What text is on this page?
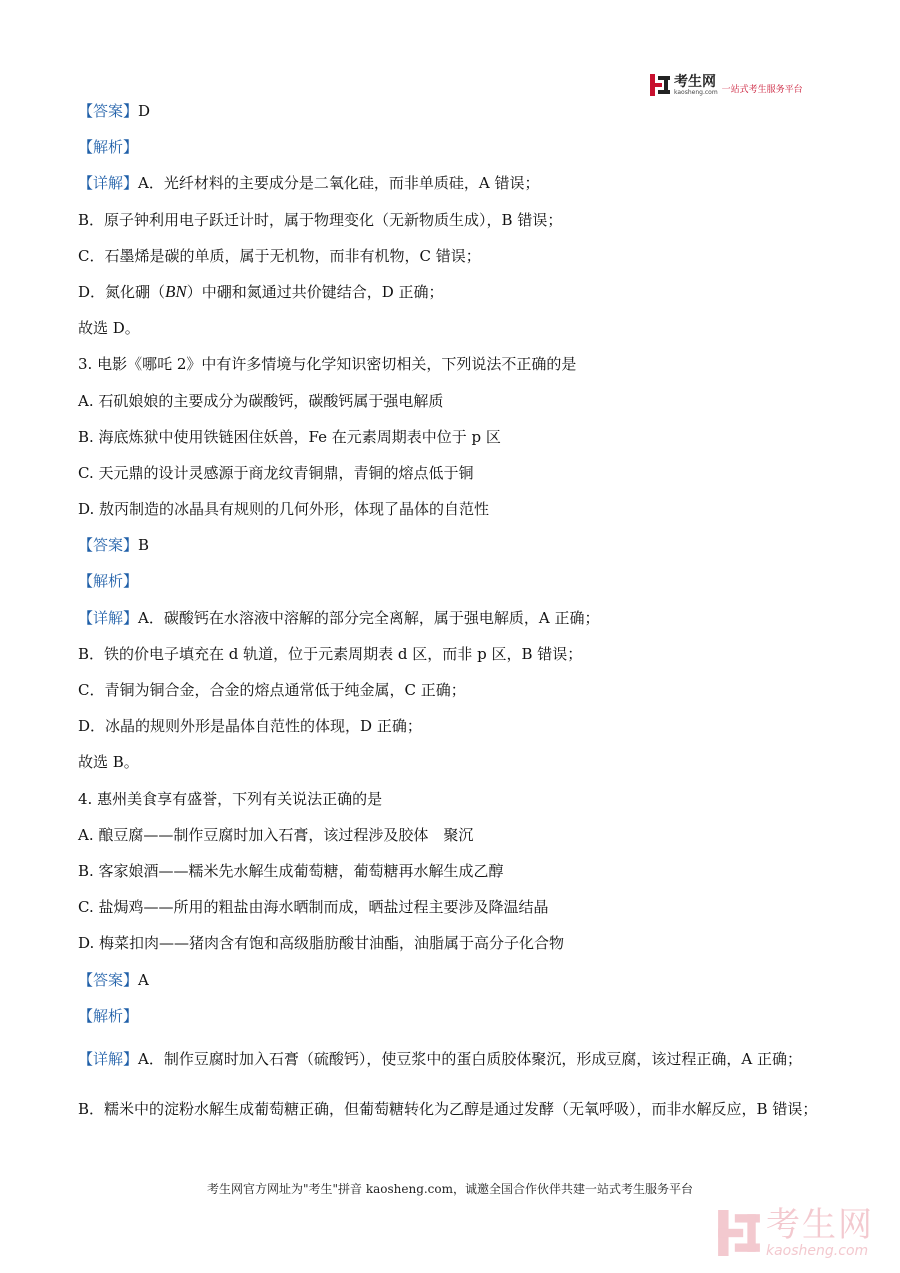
考生网
kaosheng.com 一站式考生服务平台
【答案】D
【解析】
【详解】A．光纤材料的主要成分是二氧化硅，而非单质硅，A 错误；
B．原子钟利用电子跃迁计时，属于物理变化（无新物质生成），B 错误；
C．石墨烯是碳的单质，属于无机物，而非有机物，C 错误；
D．氮化硼（BN）中硼和氮通过共价键结合，D 正确；
故选 D。
3. 电影《哪吒 2》中有许多情境与化学知识密切相关，下列说法不正确的是
A. 石矶娘娘的主要成分为碳酸钙，碳酸钙属于强电解质
B. 海底炼狱中使用铁链困住妖兽，Fe 在元素周期表中位于 p 区
C. 天元鼎的设计灵感源于商龙纹青铜鼎，青铜的熔点低于铜
D. 敖丙制造的冰晶具有规则的几何外形，体现了晶体的自范性
【答案】B
【解析】
【详解】A．碳酸钙在水溶液中溶解的部分完全离解，属于强电解质，A 正确；
B．铁的价电子填充在 d 轨道，位于元素周期表 d 区，而非 p 区，B 错误；
C．青铜为铜合金，合金的熔点通常低于纯金属，C 正确；
D．冰晶的规则外形是晶体自范性的体现，D 正确；
故选 B。
4. 惠州美食享有盛誉，下列有关说法正确的是
A. 酿豆腐——制作豆腐时加入石膏，该过程涉及胶体　聚沉
B. 客家娘酒——糯米先水解生成葡萄糖，葡萄糖再水解生成乙醇
C. 盐焗鸡——所用的粗盐由海水晒制而成，晒盐过程主要涉及降温结晶
D. 梅菜扣肉——猪肉含有饱和高级脂肪酸甘油酯，油脂属于高分子化合物
【答案】A
【解析】
【详解】A．制作豆腐时加入石膏（硫酸钙），使豆浆中的蛋白质胶体聚沉，形成豆腐，该过程正确，A 正确；
B．糯米中的淀粉水解生成葡萄糖正确，但葡萄糖转化为乙醇是通过发酵（无氧呼吸），而非水解反应，B 错误；
考生网官方网址为"考生"拼音 kaosheng.com，诚邀全国合作伙伴共建一站式考生服务平台
考生网
kaosheng.com
